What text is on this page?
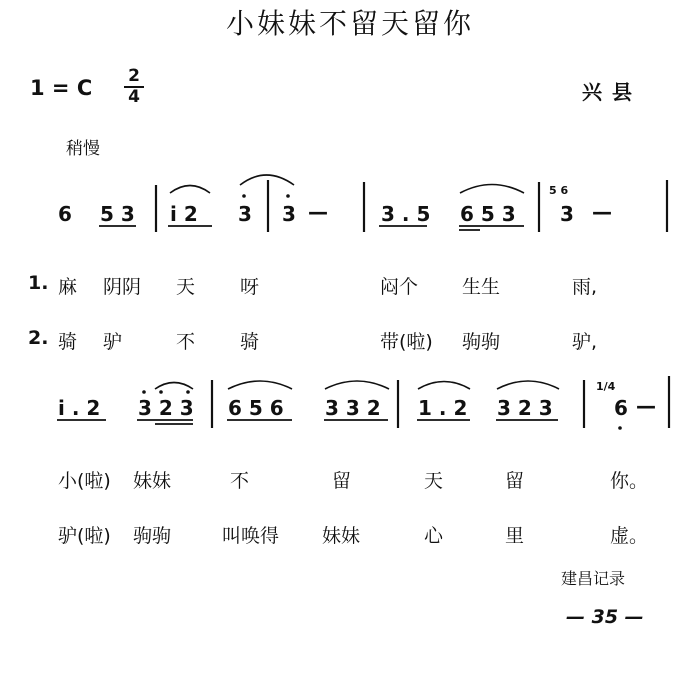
小妹妹不留天留你
1 = C	2
4	兴县
稍慢
6 5 3 i 2 3 3 —	3 . 5 6 5 3
5 6
3 —
1. 麻 阴阴 天 呀	闷个 生生	雨,
2. 骑 驴	不 骑	带(啦) 驹驹	驴,
i . 2 3 2 3 6 5 6 3 3 2 1 . 2 3 2 3
1/4
6 —
小(啦) 妹妹	不	留	天	留	你。
驴(啦) 驹驹	叫唤得 妹妹	心	里	虚。
建昌记录
— 35 —
